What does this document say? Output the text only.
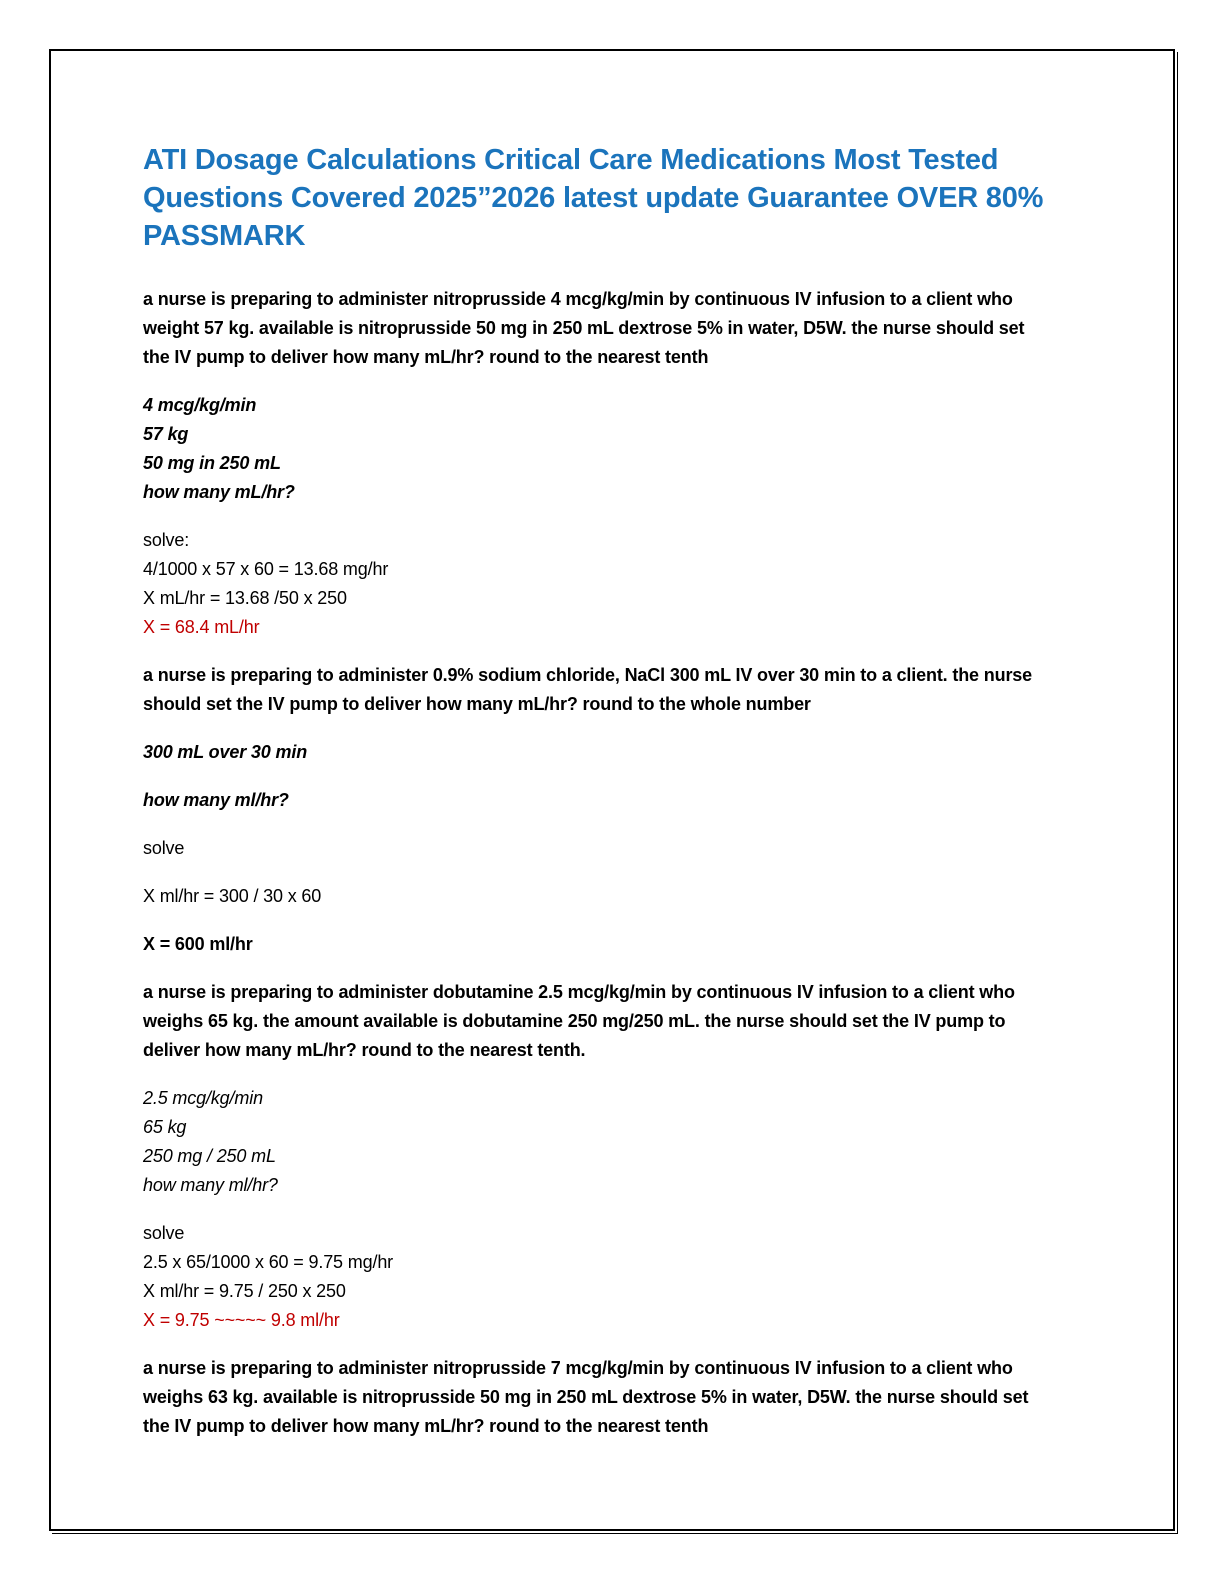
ATI Dosage Calculations Critical Care Medications Most Tested Questions Covered 2025”2026 latest update Guarantee OVER 80% PASSMARK

a nurse is preparing to administer nitroprusside 4 mcg/kg/min by continuous IV infusion to a client who weight 57 kg. available is nitroprusside 50 mg in 250 mL dextrose 5% in water, D5W. the nurse should set the IV pump to deliver how many mL/hr? round to the nearest tenth

4 mcg/kg/min
57 kg
50 mg in 250 mL
how many mL/hr?
solve:
4/1000 x 57 x 60 = 13.68 mg/hr
X mL/hr = 13.68 /50 x 250
X = 68.4 mL/hr

a nurse is preparing to administer 0.9% sodium chloride, NaCl 300 mL IV over 30 min to a client. the nurse should set the IV pump to deliver how many mL/hr? round to the whole number

300 mL over 30 min

how many ml/hr?

solve

X ml/hr = 300 / 30 x 60

X = 600 ml/hr

a nurse is preparing to administer dobutamine 2.5 mcg/kg/min by continuous IV infusion to a client who weighs 65 kg. the amount available is dobutamine 250 mg/250 mL. the nurse should set the IV pump to deliver how many mL/hr? round to the nearest tenth.

2.5 mcg/kg/min
65 kg
250 mg / 250 mL
how many ml/hr?
solve
2.5 x 65/1000 x 60 = 9.75 mg/hr
X ml/hr = 9.75 / 250 x 250
X = 9.75 ~~~~~ 9.8 ml/hr

a nurse is preparing to administer nitroprusside 7 mcg/kg/min by continuous IV infusion to a client who weighs 63 kg. available is nitroprusside 50 mg in 250 mL dextrose 5% in water, D5W. the nurse should set the IV pump to deliver how many mL/hr? round to the nearest tenth
